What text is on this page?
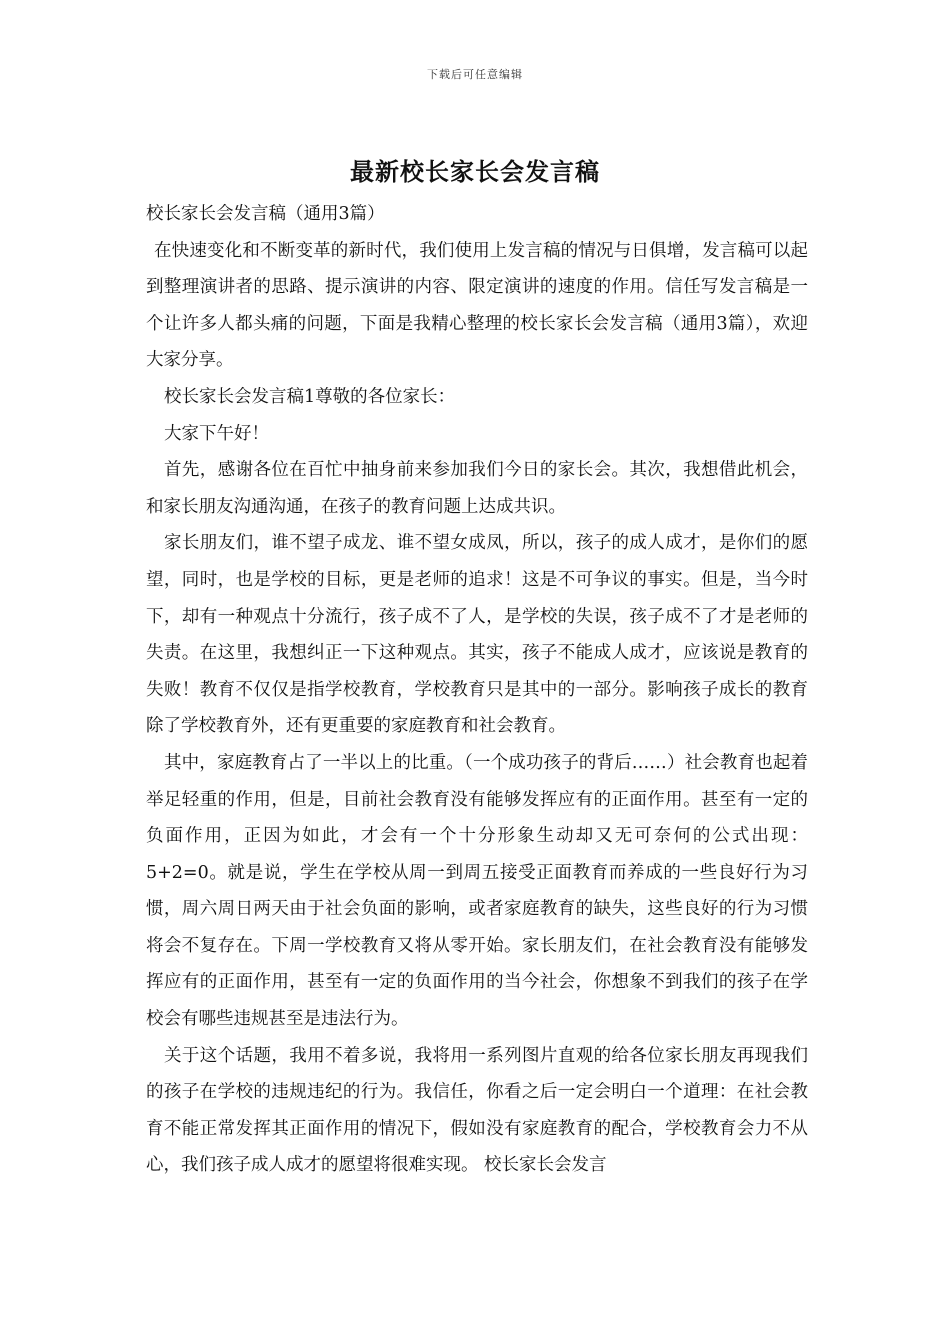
下载后可任意编辑
最新校长家长会发言稿

校长家长会发言稿（通用3篇）

在快速变化和不断变革的新时代，我们使用上发言稿的情况与日俱增，发言稿可以起到整理演讲者的思路、提示演讲的内容、限定演讲的速度的作用。信任写发言稿是一个让许多人都头痛的问题，下面是我精心整理的校长家长会发言稿（通用3篇），欢迎大家分享。

校长家长会发言稿1尊敬的各位家长：

大家下午好！

首先，感谢各位在百忙中抽身前来参加我们今日的家长会。其次，我想借此机会，和家长朋友沟通沟通，在孩子的教育问题上达成共识。

家长朋友们，谁不望子成龙、谁不望女成凤，所以，孩子的成人成才，是你们的愿望，同时，也是学校的目标，更是老师的追求！这是不可争议的事实。但是，当今时下，却有一种观点十分流行，孩子成不了人，是学校的失误，孩子成不了才是老师的失责。在这里，我想纠正一下这种观点。其实，孩子不能成人成才，应该说是教育的失败！教育不仅仅是指学校教育，学校教育只是其中的一部分。影响孩子成长的教育除了学校教育外，还有更重要的家庭教育和社会教育。

其中，家庭教育占了一半以上的比重。（一个成功孩子的背后……）社会教育也起着举足轻重的作用，但是，目前社会教育没有能够发挥应有的正面作用。甚至有一定的负面作用，正因为如此，才会有一个十分形象生动却又无可奈何的公式出现：5+2=0。就是说，学生在学校从周一到周五接受正面教育而养成的一些良好行为习惯，周六周日两天由于社会负面的影响，或者家庭教育的缺失，这些良好的行为习惯将会不复存在。下周一学校教育又将从零开始。家长朋友们，在社会教育没有能够发挥应有的正面作用，甚至有一定的负面作用的当今社会，你想象不到我们的孩子在学校会有哪些违规甚至是违法行为。

关于这个话题，我用不着多说，我将用一系列图片直观的给各位家长朋友再现我们的孩子在学校的违规违纪的行为。我信任，你看之后一定会明白一个道理：在社会教育不能正常发挥其正面作用的情况下，假如没有家庭教育的配合，学校教育会力不从心，我们孩子成人成才的愿望将很难实现。 校长家长会发言
